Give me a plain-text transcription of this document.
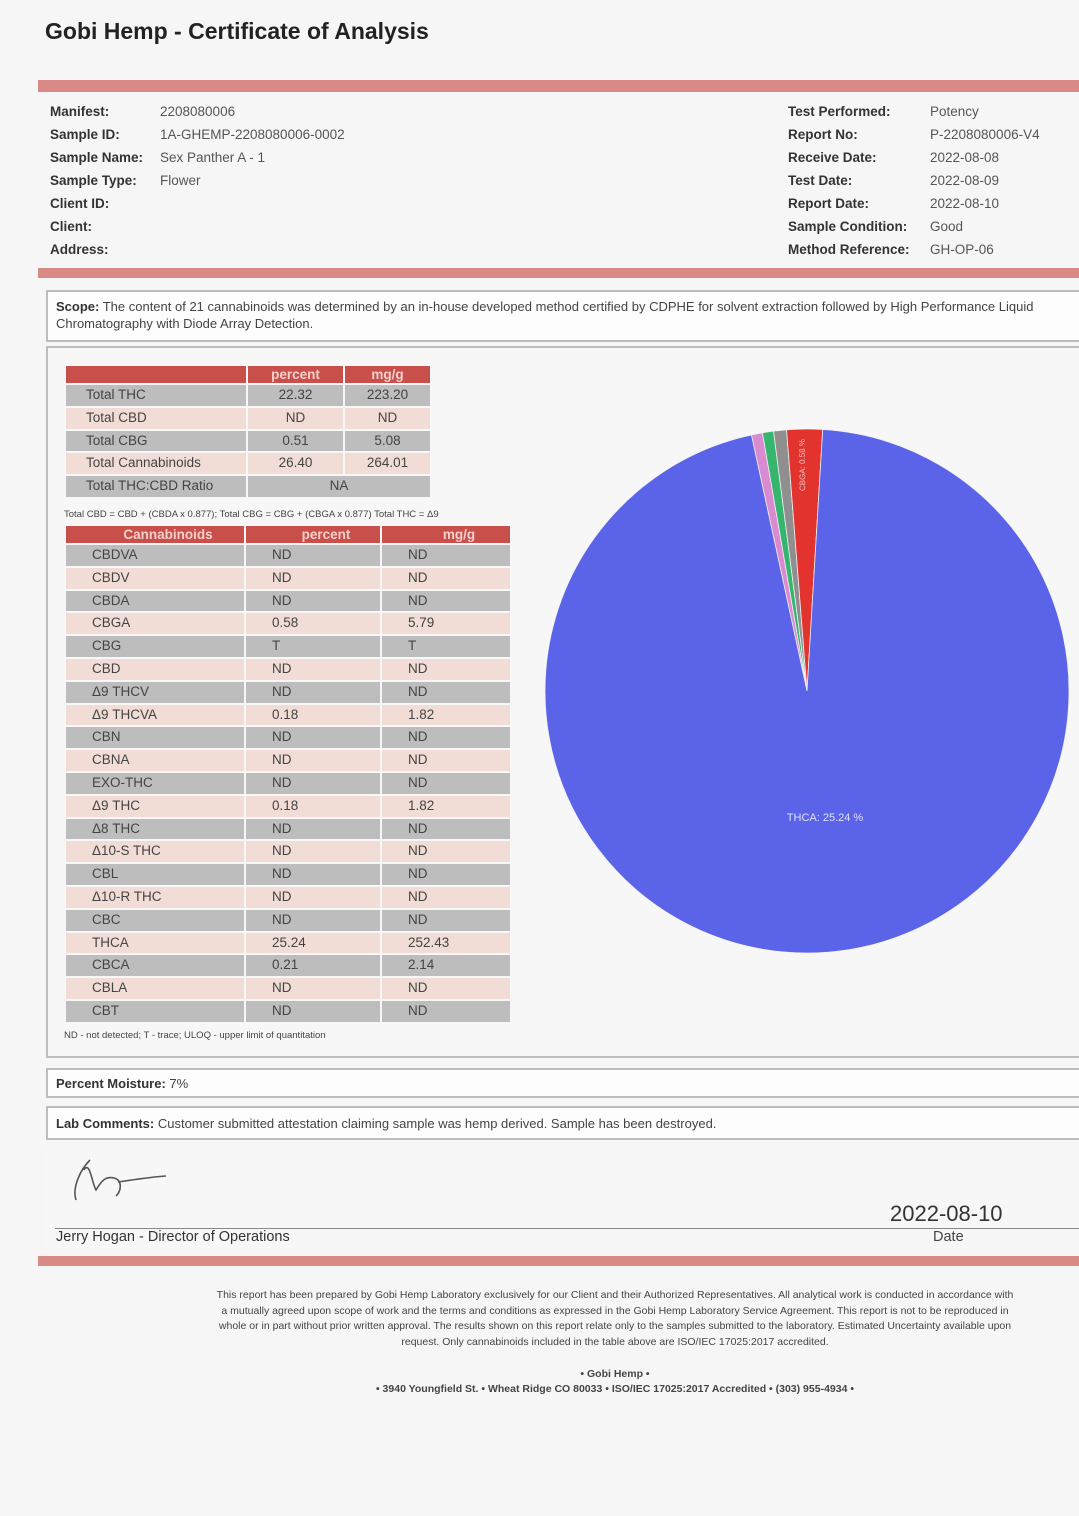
Gobi Hemp - Certificate of Analysis
Manifest:	2208080006
Sample ID:	1A-GHEMP-2208080006-0002
Sample Name: Sex Panther A - 1
Sample Type: Flower
Client ID:
Client:
Address:
Test Performed:	Potency
Report No:	P-2208080006-V4
Receive Date:	2022-08-08
Test Date:	2022-08-09
Report Date:	2022-08-10
Sample Condition: Good
Method Reference: GH-OP-06
Scope: The content of 21 cannabinoids was determined by an in-house developed method certified by CDPHE for solvent extraction followed by High Performance Liquid Chromatography with Diode Array Detection.
	percent	mg/g
Total THC	22.32	223.20
Total CBD	ND	ND
Total CBG	0.51	5.08
Total Cannabinoids	26.40	264.01
Total THC:CBD Ratio	NA	
Total CBD = CBD + (CBDA x 0.877); Total CBG = CBG + (CBGA x 0.877) Total THC = Δ9
Cannabinoids	percent	mg/g
CBDVA	ND	ND
CBDV	ND	ND
CBDA	ND	ND
CBGA	0.58	5.79
CBG	T	T
CBD	ND	ND
Δ9 THCV	ND	ND
Δ9 THCVA	0.18	1.82
CBN	ND	ND
CBNA	ND	ND
EXO-THC	ND	ND
Δ9 THC	0.18	1.82
Δ8 THC	ND	ND
Δ10-S THC	ND	ND
CBL	ND	ND
Δ10-R THC	ND	ND
CBC	ND	ND
THCA	25.24	252.43
CBCA	0.21	2.14
CBLA	ND	ND
CBT	ND	ND
ND - not detected; T - trace; ULOQ - upper limit of quantitation
THCA: 25.24 %
CBGA: 0.58 %
Percent Moisture: 7%
Lab Comments: Customer submitted attestation claiming sample was hemp derived. Sample has been destroyed.
Jerry Hogan - Director of Operations
2022-08-10
Date
This report has been prepared by Gobi Hemp Laboratory exclusively for our Client and their Authorized Representatives. All analytical work is conducted in accordance with a mutually agreed upon scope of work and the terms and conditions as expressed in the Gobi Hemp Laboratory Service Agreement. This report is not to be reproduced in whole or in part without prior written approval. The results shown on this report relate only to the samples submitted to the laboratory. Estimated Uncertainty available upon request. Only cannabinoids included in the table above are ISO/IEC 17025:2017 accredited.
• Gobi Hemp •
• 3940 Youngfield St. • Wheat Ridge CO 80033 • ISO/IEC 17025:2017 Accredited • (303) 955-4934 •
